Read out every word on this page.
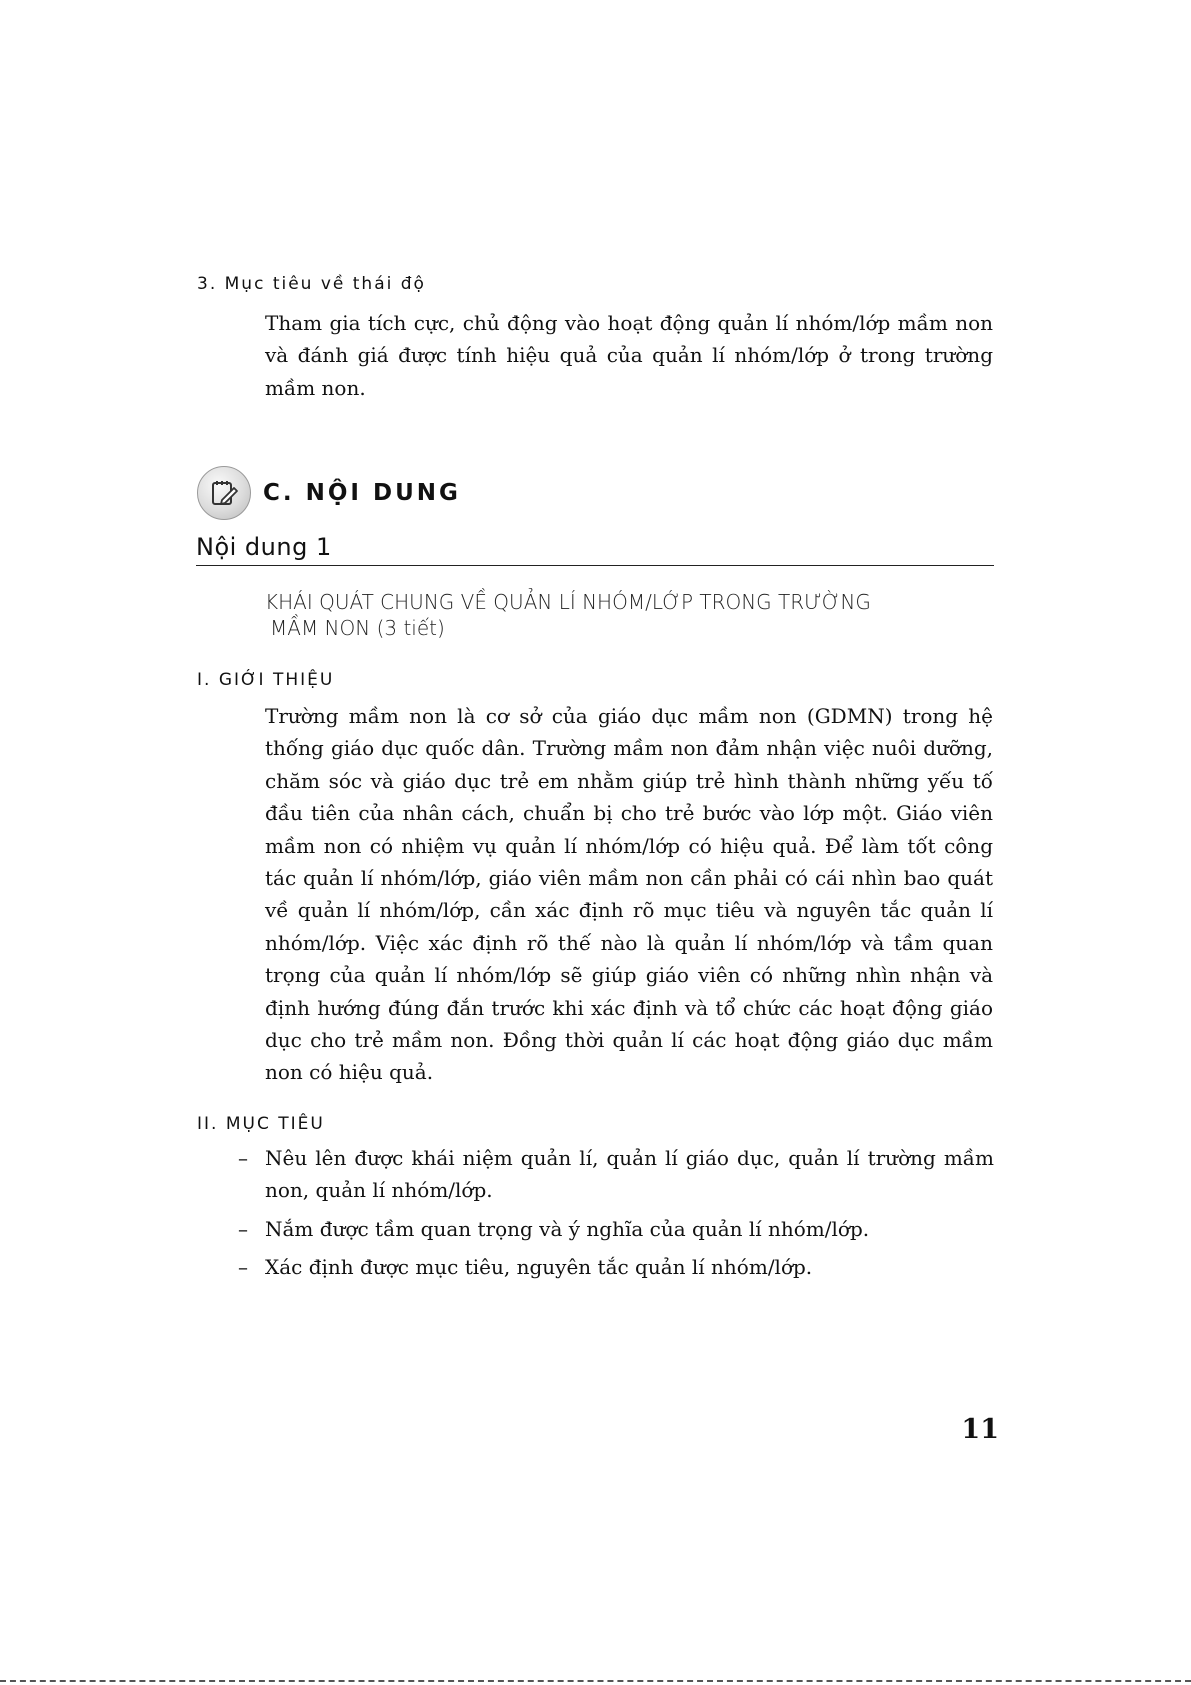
3. Mục tiêu về thái độ

Tham gia tích cực, chủ động vào hoạt động quản lí nhóm/lớp mầm non và đánh giá được tính hiệu quả của quản lí nhóm/lớp ở trong trường mầm non.

C. NỘI DUNG
Nội dung 1

KHÁI QUÁT CHUNG VỀ QUẢN LÍ NHÓM/LỚP TRONG TRƯỜNG
MẦM NON (3 tiết)

I. GIỚI THIỆU

Trường mầm non là cơ sở của giáo dục mầm non (GDMN) trong hệ thống giáo dục quốc dân. Trường mầm non đảm nhận việc nuôi dưỡng, chăm sóc và giáo dục trẻ em nhằm giúp trẻ hình thành những yếu tố đầu tiên của nhân cách, chuẩn bị cho trẻ bước vào lớp một. Giáo viên mầm non có nhiệm vụ quản lí nhóm/lớp có hiệu quả. Để làm tốt công tác quản lí nhóm/lớp, giáo viên mầm non cần phải có cái nhìn bao quát về quản lí nhóm/lớp, cần xác định rõ mục tiêu và nguyên tắc quản lí nhóm/lớp. Việc xác định rõ thế nào là quản lí nhóm/lớp và tầm quan trọng của quản lí nhóm/lớp sẽ giúp giáo viên có những nhìn nhận và định hướng đúng đắn trước khi xác định và tổ chức các hoạt động giáo dục cho trẻ mầm non. Đồng thời quản lí các hoạt động giáo dục mầm non có hiệu quả.

II. MỤC TIÊU
– Nêu lên được khái niệm quản lí, quản lí giáo dục, quản lí trường mầm non, quản lí nhóm/lớp.
– Nắm được tầm quan trọng và ý nghĩa của quản lí nhóm/lớp.
– Xác định được mục tiêu, nguyên tắc quản lí nhóm/lớp.
11
